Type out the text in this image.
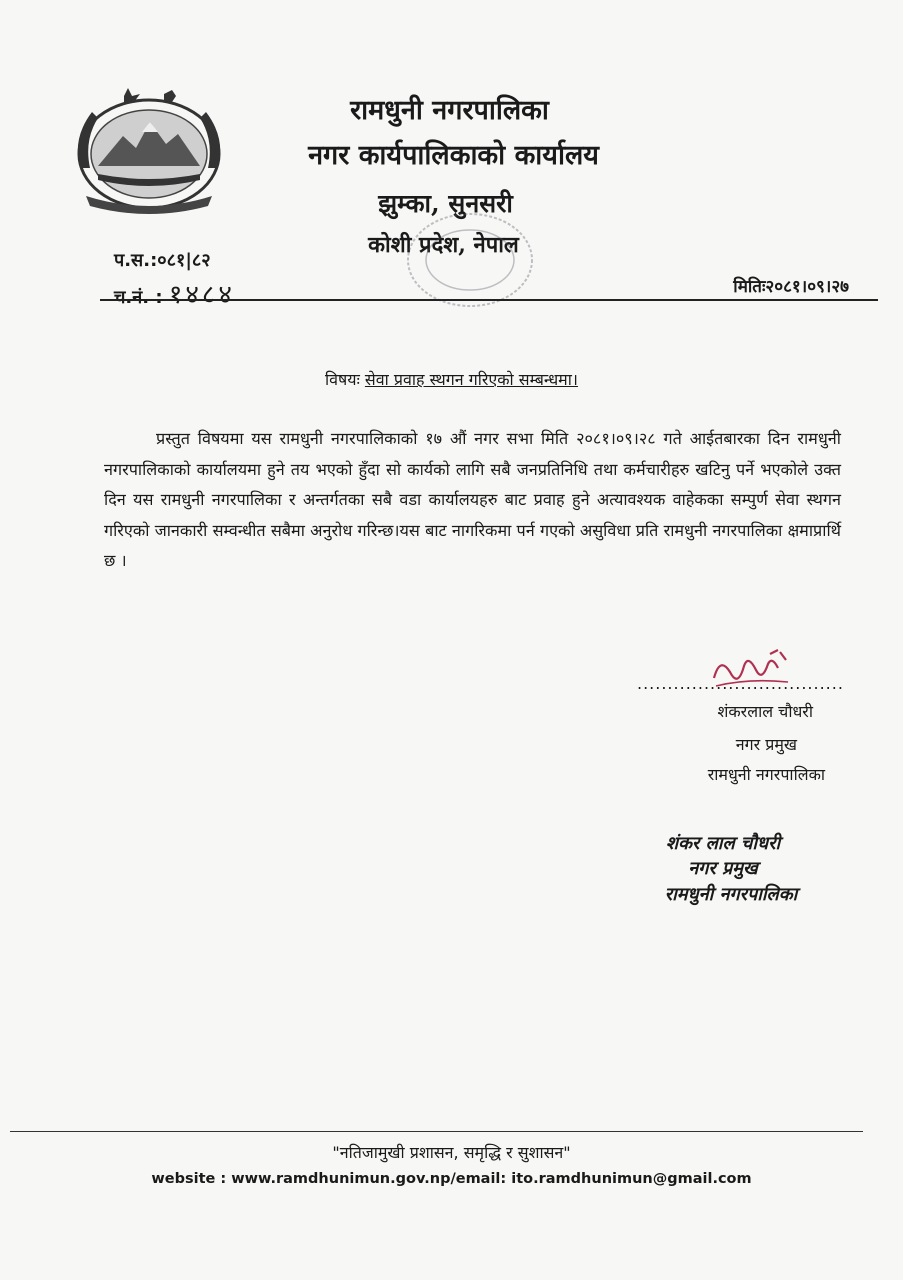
रामधुनी नगरपालिका
नगर कार्यपालिकाको कार्यालय
झुम्का, सुनसरी
कोशी प्रदेश, नेपाल
प.स.:०८१|८२
च.नं. : १४८४	मितिः२०८१।०९।२७
विषयः सेवा प्रवाह स्थगन गरिएको सम्बन्धमा।

प्रस्तुत विषयमा यस रामधुनी नगरपालिकाको १७ औं नगर सभा मिति २०८१।०९।२८ गते आईतबारका दिन रामधुनी नगरपालिकाको कार्यालयमा हुने तय भएको हुँदा सो कार्यको लागि सबै जनप्रतिनिधि तथा कर्मचारीहरु खटिनु पर्ने भएकोले उक्त दिन यस रामधुनी नगरपालिका र अन्तर्गतका सबै वडा कार्यालयहरु बाट प्रवाह हुने अत्यावश्यक वाहेकका सम्पुर्ण सेवा स्थगन गरिएको जानकारी सम्वन्धीत सबैमा अनुरोध गरिन्छ।यस बाट नागरिकमा पर्न गएको असुविधा प्रति रामधुनी नगरपालिका क्षमाप्रार्थि छ ।

..................................
शंकरलाल चौधरी
नगर प्रमुख
रामधुनी नगरपालिका
शंकर लाल चौधरी
नगर प्रमुख
रामधुनी नगरपालिका
"नतिजामुखी प्रशासन, समृद्धि र सुशासन"
website : www.ramdhunimun.gov.np/email: ito.ramdhunimun@gmail.com
